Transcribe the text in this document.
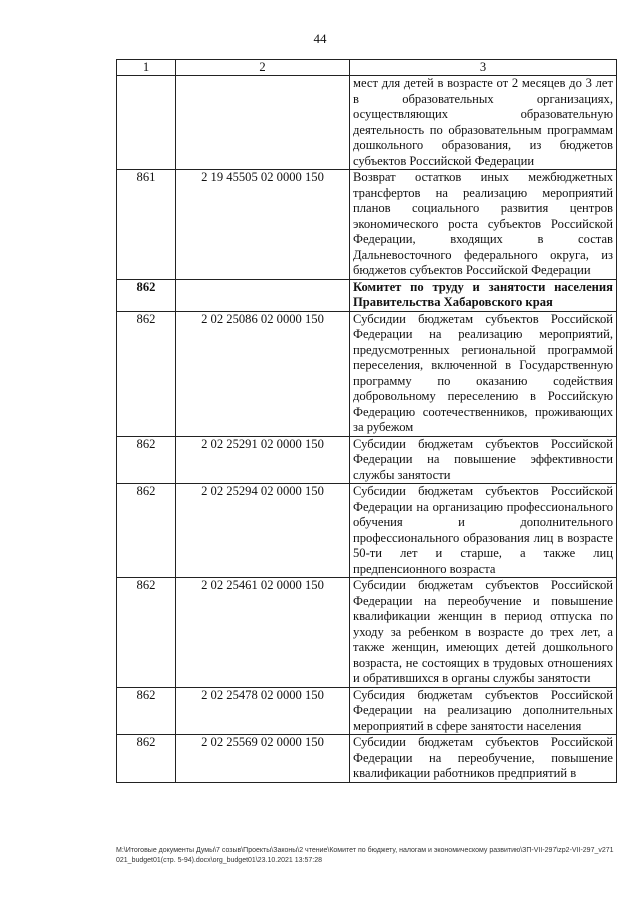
44
1	2	3
		мест для детей в возрасте от 2 месяцев до 3 лет в образовательных организациях, осуществляющих образовательную деятельность по образовательным программам дошкольного образования, из бюджетов субъектов Российской Федерации
861	2 19 45505 02 0000 150	Возврат остатков иных межбюджетных трансфертов на реализацию мероприятий планов социального развития центров экономического роста субъектов Российской Федерации, входящих в состав Дальневосточного федерального округа, из бюджетов субъектов Российской Федерации
862		Комитет по труду и занятости населения Правительства Хабаровского края
862	2 02 25086 02 0000 150	Субсидии бюджетам субъектов Российской Федерации на реализацию мероприятий, предусмотренных региональной программой переселения, включенной в Государственную программу по оказанию содействия добровольному переселению в Российскую Федерацию соотечественников, проживающих за рубежом
862	2 02 25291 02 0000 150	Субсидии бюджетам субъектов Российской Федерации на повышение эффективности службы занятости
862	2 02 25294 02 0000 150	Субсидии бюджетам субъектов Российской Федерации на организацию профессионального обучения и дополнительного профессионального образования лиц в возрасте 50-ти лет и старше, а также лиц предпенсионного возраста
862	2 02 25461 02 0000 150	Субсидии бюджетам субъектов Российской Федерации на переобучение и повышение квалификации женщин в период отпуска по уходу за ребенком в возрасте до трех лет, а также женщин, имеющих детей дошкольного возраста, не состоящих в трудовых отношениях и обратившихся в органы службы занятости
862	2 02 25478 02 0000 150	Субсидия бюджетам субъектов Российской Федерации на реализацию дополнительных мероприятий в сфере занятости населения
862	2 02 25569 02 0000 150	Субсидии бюджетам субъектов Российской Федерации на переобучение, повышение квалификации работников предприятий в
M:\Итоговые документы Думы\7 созыв\Проекты\Законы\2 чтение\Комитет по бюджету, налогам и экономическому развитию\ЗП-VII-297\zp2-VII-297_v271021_budget01(стр. 5-94).docx\org_budget01\23.10.2021 13:57:28
